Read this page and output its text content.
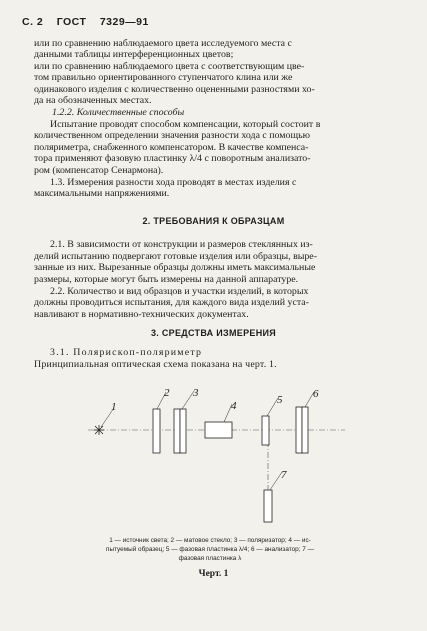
С. 2 ГОСТ 7329—91
или по сравнению наблюдаемого цвета исследуемого места с
данными таблицы интерференционных цветов;
или по сравнению наблюдаемого цвета с соответствующим цве-
том правильно ориентированного ступенчатого клина или же
одинакового изделия с количественно оцененными разностями хо-
да на обозначенных местах.
1.2.2. Количественные способы
Испытание проводят способом компенсации, который состоит в
количественном определении значения разности хода с помощью
поляриметра, снабженного компенсатором. В качестве компенса-
тора применяют фазовую пластинку λ/4 с поворотным анализато-
ром (компенсатор Сенармона).
1.3. Измерения разности хода проводят в местах изделия с
максимальными напряжениями.
2. ТРЕБОВАНИЯ К ОБРАЗЦАМ
2.1. В зависимости от конструкции и размеров стеклянных из-
делий испытанию подвергают готовые изделия или образцы, выре-
занные из них. Вырезанные образцы должны иметь максимальные
размеры, которые могут быть измерены на данной аппаратуре.
2.2. Количество и вид образцов и участки изделий, в которых
должны проводиться испытания, для каждого вида изделий уста-
навливают в нормативно-технических документах.
3. СРЕДСТВА ИЗМЕРЕНИЯ
3.1. Полярископ-поляриметр
Принципиальная оптическая схема показана на черт. 1.
1
2 3
4	5	6
7
1 — источник света; 2 — матовое стекло; 3 — поляризатор; 4 — ис-
пытуемый образец; 5 — фазовая пластинка λ/4; 6 — анализатор; 7 —
фазовая пластинка λ
Черт. 1
